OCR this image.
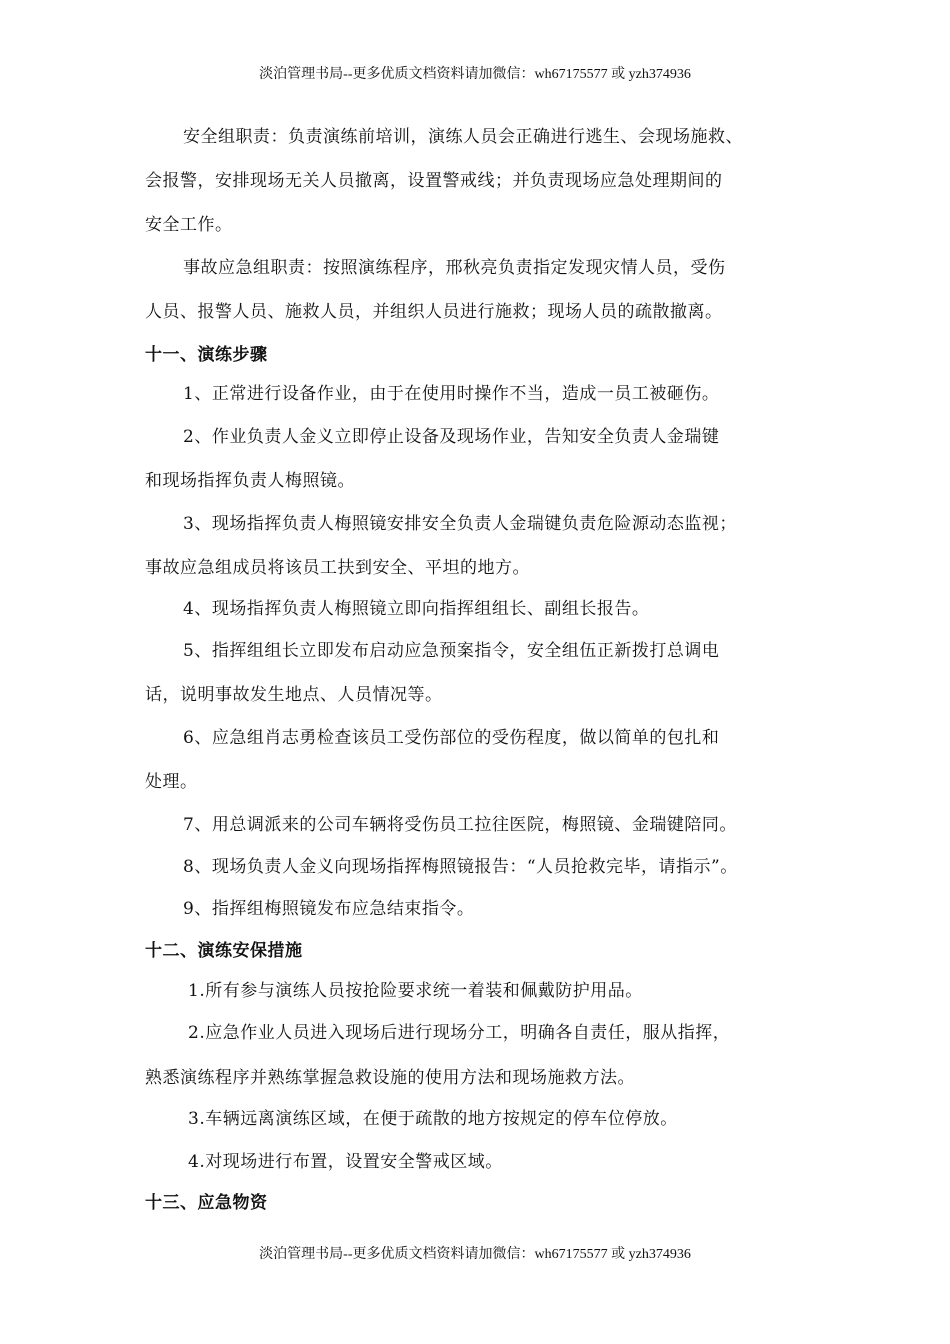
淡泊管理书局--更多优质文档资料请加微信：wh67175577 或 yzh374936
安全组职责：负责演练前培训，演练人员会正确进行逃生、会现场施救、
会报警，安排现场无关人员撤离，设置警戒线；并负责现场应急处理期间的
安全工作。
事故应急组职责：按照演练程序，邢秋亮负责指定发现灾情人员，受伤
人员、报警人员、施救人员，并组织人员进行施救；现场人员的疏散撤离。
十一、演练步骤
1、正常进行设备作业，由于在使用时操作不当，造成一员工被砸伤。
2、作业负责人金义立即停止设备及现场作业，告知安全负责人金瑞键
和现场指挥负责人梅照镜。
3、现场指挥负责人梅照镜安排安全负责人金瑞键负责危险源动态监视；
事故应急组成员将该员工扶到安全、平坦的地方。
4、现场指挥负责人梅照镜立即向指挥组组长、副组长报告。
5、指挥组组长立即发布启动应急预案指令，安全组伍正新拨打总调电
话，说明事故发生地点、人员情况等。
6、应急组肖志勇检查该员工受伤部位的受伤程度，做以简单的包扎和
处理。
7、用总调派来的公司车辆将受伤员工拉往医院，梅照镜、金瑞键陪同。
8、现场负责人金义向现场指挥梅照镜报告：“人员抢救完毕，请指示”。
9、指挥组梅照镜发布应急结束指令。
十二、演练安保措施
1.所有参与演练人员按抢险要求统一着装和佩戴防护用品。
2.应急作业人员进入现场后进行现场分工，明确各自责任，服从指挥，
熟悉演练程序并熟练掌握急救设施的使用方法和现场施救方法。
3.车辆远离演练区域，在便于疏散的地方按规定的停车位停放。
4.对现场进行布置，设置安全警戒区域。
十三、应急物资
淡泊管理书局--更多优质文档资料请加微信：wh67175577 或 yzh374936
